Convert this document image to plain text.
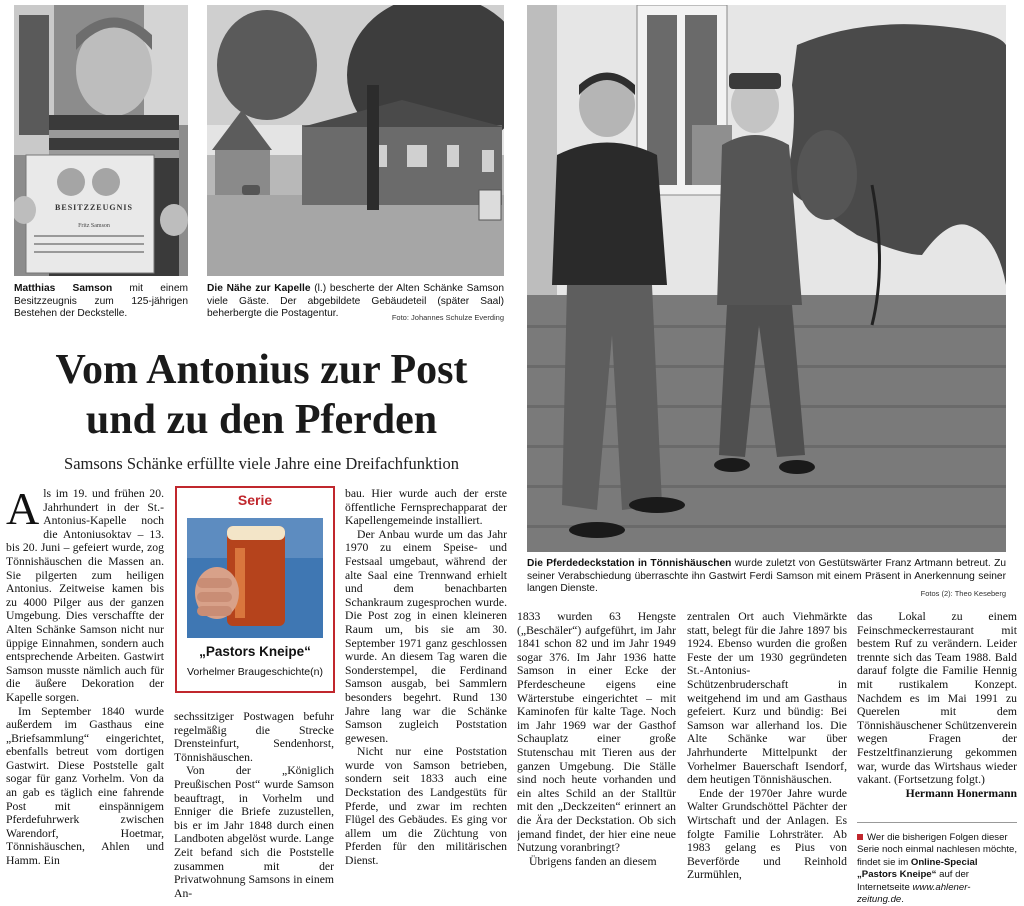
BESITZZEUGNIS
Fritz Samson
Matthias Samson mit einem Besitzzeugnis zum 125-jährigen Bestehen der Deckstelle.
Die Nähe zur Kapelle (l.) bescherte der Alten Schänke Samson viele Gäste. Der abgebildete Gebäudeteil (später Saal) beherbergte die Postagentur.	Foto: Johannes Schulze Everding
Die Pferdedeckstation in Tönnishäuschen wurde zuletzt von Gestütswärter Franz Artmann betreut. Zu seiner Verabschiedung überraschte ihn Gastwirt Ferdi Samson mit einem Präsent in Anerkennung seiner langen Dienste.	Fotos (2): Theo Keseberg
Vom Antonius zur Post
und zu den Pferden
Samsons Schänke erfüllte viele Jahre eine Dreifachfunktion

Als im 19. und frühen 20. Jahrhundert in der St.-Antonius-Kapelle noch die Antoniusoktav – 13. bis 20. Juni – gefeiert wurde, zog Tönnishäuschen die Massen an. Sie pilgerten zum heiligen Antonius. Zeitweise kamen bis zu 4000 Pilger aus der ganzen Umgebung. Dies verschaffte der Alten Schänke Samson nicht nur üppige Einnahmen, sondern auch entsprechende Arbeiten. Gastwirt Samson musste nämlich auch für die äußere Dekoration der Kapelle sorgen.

Im September 1840 wurde außerdem im Gasthaus eine „Briefsammlung“ eingerichtet, ebenfalls betreut vom dortigen Gastwirt. Diese Poststelle galt sogar für ganz Vorhelm. Von da an gab es täglich eine fahrende Post mit einspännigem Pferdefuhrwerk zwischen Warendorf, Hoetmar, Tönnishäuschen, Ahlen und Hamm. Ein

Serie
„Pastors Kneipe“
Vorhelmer Braugeschichte(n)

sechssitziger Postwagen befuhr regelmäßig die Strecke Drensteinfurt, Sendenhorst, Tönnishäuschen.

Von der „Königlich Preußischen Post“ wurde Samson beauftragt, in Vorhelm und Enniger die Briefe zuzustellen, bis er im Jahr 1848 durch einen Landboten abgelöst wurde. Lange Zeit befand sich die Poststelle zusammen mit der Privatwohnung Samsons in einem An-

bau. Hier wurde auch der erste öffentliche Fernsprechapparat der Kapellengemeinde installiert.

Der Anbau wurde um das Jahr 1970 zu einem Speise- und Festsaal umgebaut, während der alte Saal eine Trennwand erhielt und dem benachbarten Schankraum zugesprochen wurde. Die Post zog in einen kleineren Raum um, bis sie am 30. September 1971 ganz geschlossen wurde. An diesem Tag waren die Sonderstempel, die Ferdinand Samson ausgab, bei Sammlern besonders begehrt. Rund 130 Jahre lang war die Schänke Samson zugleich Poststation gewesen.

Nicht nur eine Poststation wurde von Samson betrieben, sondern seit 1833 auch eine Deckstation des Landgestüts für Pferde, und zwar im rechten Flügel des Gebäudes. Es ging vor allem um die Züchtung von Pferden für den militärischen Dienst.

1833 wurden 63 Hengste („Beschäler“) aufgeführt, im Jahr 1841 schon 82 und im Jahr 1949 sogar 376. Im Jahr 1936 hatte Samson in einer Ecke der Pferdescheune eigens eine Wärterstube eingerichtet – mit Kaminofen für kalte Tage. Noch im Jahr 1969 war der Gasthof Schauplatz einer große Stutenschau mit Tieren aus der ganzen Umgebung. Die Ställe sind noch heute vorhanden und ein altes Schild an der Stalltür mit den „Deckzeiten“ erinnert an die Ära der Deckstation. Ob sich jemand findet, der hier eine neue Nutzung voranbringt?

Übrigens fanden an diesem

zentralen Ort auch Viehmärkte statt, belegt für die Jahre 1897 bis 1924. Ebenso wurden die großen Feste der um 1930 gegründeten St.-Antonius-Schützenbruderschaft in weitgehend im und am Gasthaus gefeiert. Kurz und bündig: Bei Samson war allerhand los. Die Alte Schänke war über Jahrhunderte Mittelpunkt der Vorhelmer Bauerschaft Isendorf, dem heutigen Tönnishäuschen.

Ende der 1970er Jahre wurde Walter Grundschöttel Pächter der Wirtschaft und der Anlagen. Es folgte Familie Lohrsträter. Ab 1983 gelang es Pius von Beverförde und Reinhold Zurmühlen,

das Lokal zu einem Feinschmeckerrestaurant mit bestem Ruf zu verändern. Leider trennte sich das Team 1988. Bald darauf folgte die Familie Hennig mit rustikalem Konzept. Nachdem es im Mai 1991 zu Querelen mit dem Tönnishäuschener Schützenverein wegen Fragen der Festzeltfinanzierung gekommen war, wurde das Wirtshaus wieder vakant. (Fortsetzung folgt.)

Hermann Honermann

Wer die bisherigen Folgen dieser Serie noch einmal nachlesen möchte, findet sie im Online-Special „Pastors Kneipe“ auf der Internetseite www.ahlener-zeitung.de.
